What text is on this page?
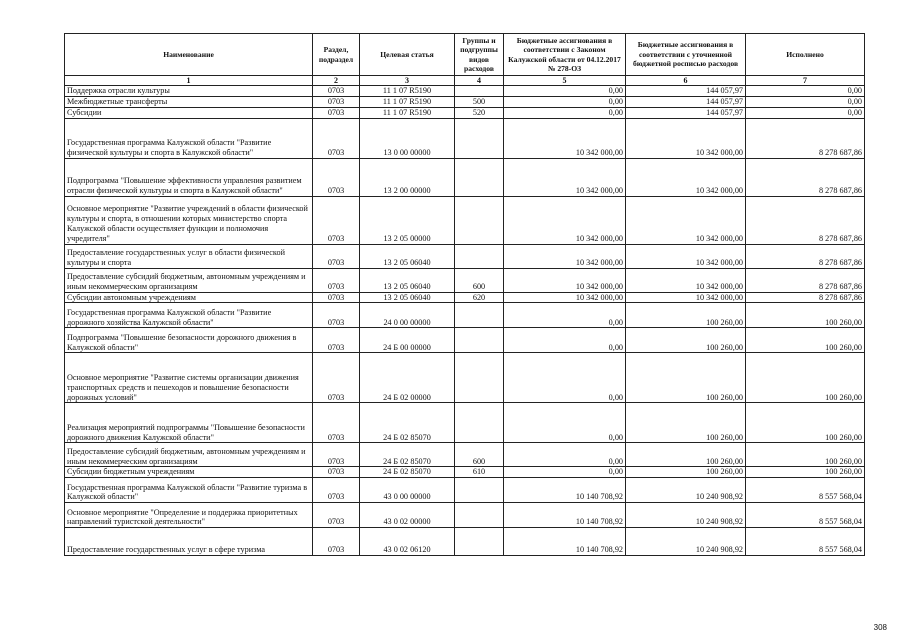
Наименование	Раздел, подраздел	Целевая статья	Группы и подгруппы видов расходов	Бюджетные ассигнования в соответствии с Законом Калужской области от 04.12.2017 № 278-ОЗ	Бюджетные ассигнования в соответствии с уточненной бюджетной росписью расходов	Исполнено
1	2	3	4	5	6	7
Поддержка отрасли культуры	0703	11 1 07 R5190		0,00	144 057,97	0,00
Межбюджетные трансферты	0703	11 1 07 R5190	500	0,00	144 057,97	0,00
Субсидии	0703	11 1 07 R5190	520	0,00	144 057,97	0,00
Государственная программа Калужской области "Развитие физической культуры и спорта в Калужской области"	0703	13 0 00 00000		10 342 000,00	10 342 000,00	8 278 687,86
Подпрограмма "Повышение эффективности управления развитием отрасли физической культуры и спорта в Калужской области"	0703	13 2 00 00000		10 342 000,00	10 342 000,00	8 278 687,86
Основное мероприятие "Развитие учреждений в области физической культуры и спорта, в отношении которых министерство спорта Калужской области осуществляет функции и полномочия учредителя"	0703	13 2 05 00000		10 342 000,00	10 342 000,00	8 278 687,86
Предоставление государственных услуг в области физической культуры и спорта	0703	13 2 05 06040		10 342 000,00	10 342 000,00	8 278 687,86
Предоставление субсидий бюджетным, автономным учреждениям и иным некоммерческим организациям	0703	13 2 05 06040	600	10 342 000,00	10 342 000,00	8 278 687,86
Субсидии автономным учреждениям	0703	13 2 05 06040	620	10 342 000,00	10 342 000,00	8 278 687,86
Государственная программа Калужской области "Развитие дорожного хозяйства Калужской области"	0703	24 0 00 00000		0,00	100 260,00	100 260,00
Подпрограмма "Повышение безопасности дорожного движения в Калужской области"	0703	24 Б 00 00000		0,00	100 260,00	100 260,00
Основное мероприятие "Развитие системы организации движения транспортных средств и пешеходов и повышение безопасности дорожных условий"	0703	24 Б 02 00000		0,00	100 260,00	100 260,00
Реализация мероприятий подпрограммы "Повышение безопасности дорожного движения Калужской области"	0703	24 Б 02 85070		0,00	100 260,00	100 260,00
Предоставление субсидий бюджетным, автономным учреждениям и иным некоммерческим организациям	0703	24 Б 02 85070	600	0,00	100 260,00	100 260,00
Субсидии бюджетным учреждениям	0703	24 Б 02 85070	610	0,00	100 260,00	100 260,00
Государственная программа Калужской области "Развитие туризма в Калужской области"	0703	43 0 00 00000		10 140 708,92	10 240 908,92	8 557 568,04
Основное мероприятие "Определение и поддержка приоритетных направлений туристской деятельности"	0703	43 0 02 00000		10 140 708,92	10 240 908,92	8 557 568,04
Предоставление государственных услуг в сфере туризма	0703	43 0 02 06120		10 140 708,92	10 240 908,92	8 557 568,04
308
